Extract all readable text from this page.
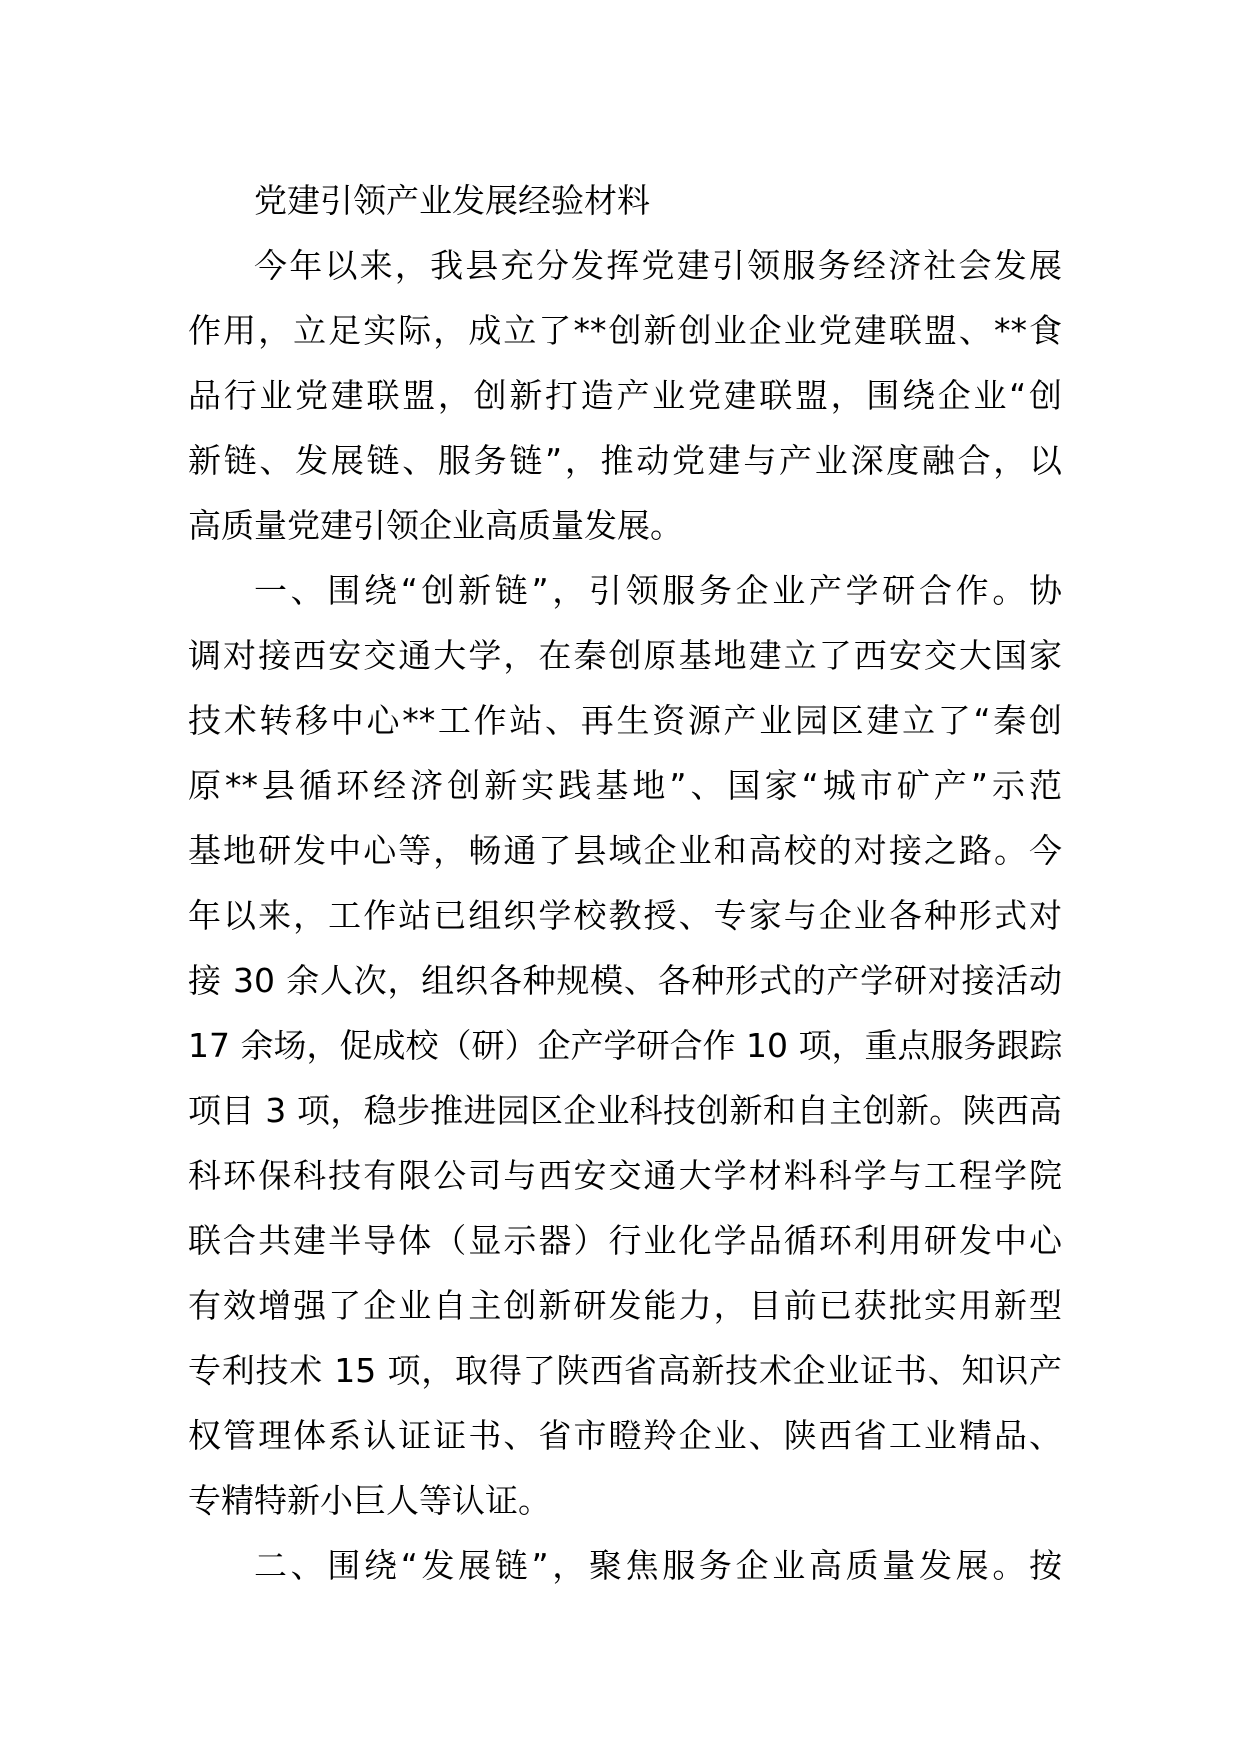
党建引领产业发展经验材料
今年以来，我县充分发挥党建引领服务经济社会发展
作用，立足实际，成立了**创新创业企业党建联盟、**食
品行业党建联盟，创新打造产业党建联盟，围绕企业“创
新链、发展链、服务链”，推动党建与产业深度融合，以
高质量党建引领企业高质量发展。
一、围绕“创新链”，引领服务企业产学研合作。协
调对接西安交通大学，在秦创原基地建立了西安交大国家
技术转移中心**工作站、再生资源产业园区建立了“秦创
原**县循环经济创新实践基地”、国家“城市矿产”示范
基地研发中心等，畅通了县域企业和高校的对接之路。今
年以来，工作站已组织学校教授、专家与企业各种形式对
接 30 余人次，组织各种规模、各种形式的产学研对接活动
17 余场，促成校（研）企产学研合作 10 项，重点服务跟踪
项目 3 项，稳步推进园区企业科技创新和自主创新。陕西高
科环保科技有限公司与西安交通大学材料科学与工程学院
联合共建半导体（显示器）行业化学品循环利用研发中心
有效增强了企业自主创新研发能力，目前已获批实用新型
专利技术 15 项，取得了陕西省高新技术企业证书、知识产
权管理体系认证证书、省市瞪羚企业、陕西省工业精品、
专精特新小巨人等认证。
二、围绕“发展链”，聚焦服务企业高质量发展。按
